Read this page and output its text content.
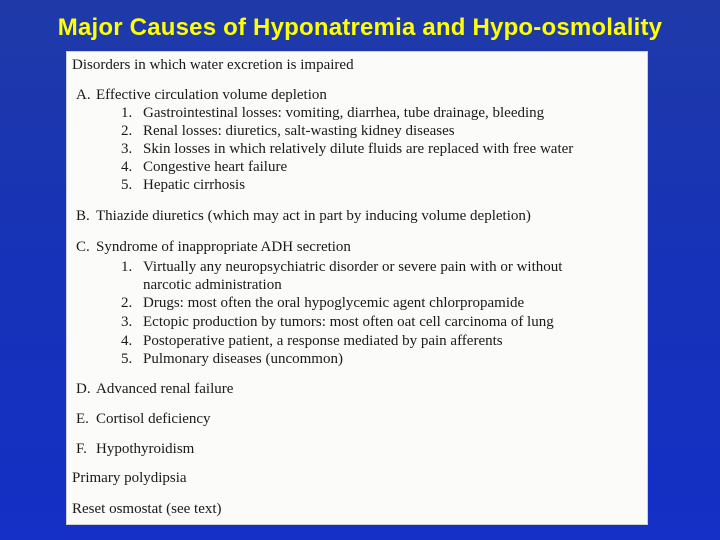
Major Causes of Hyponatremia and Hypo-osmolality
Disorders in which water excretion is impaired
A. Effective circulation volume depletion
1. Gastrointestinal losses: vomiting, diarrhea, tube drainage, bleeding
2. Renal losses: diuretics, salt-wasting kidney diseases
3. Skin losses in which relatively dilute fluids are replaced with free water
4. Congestive heart failure
5. Hepatic cirrhosis
B. Thiazide diuretics (which may act in part by inducing volume depletion)
C. Syndrome of inappropriate ADH secretion
1. Virtually any neuropsychiatric disorder or severe pain with or without
narcotic administration
2. Drugs: most often the oral hypoglycemic agent chlorpropamide
3. Ectopic production by tumors: most often oat cell carcinoma of lung
4. Postoperative patient, a response mediated by pain afferents
5. Pulmonary diseases (uncommon)
D. Advanced renal failure
E. Cortisol deficiency
F. Hypothyroidism
Primary polydipsia
Reset osmostat (see text)
